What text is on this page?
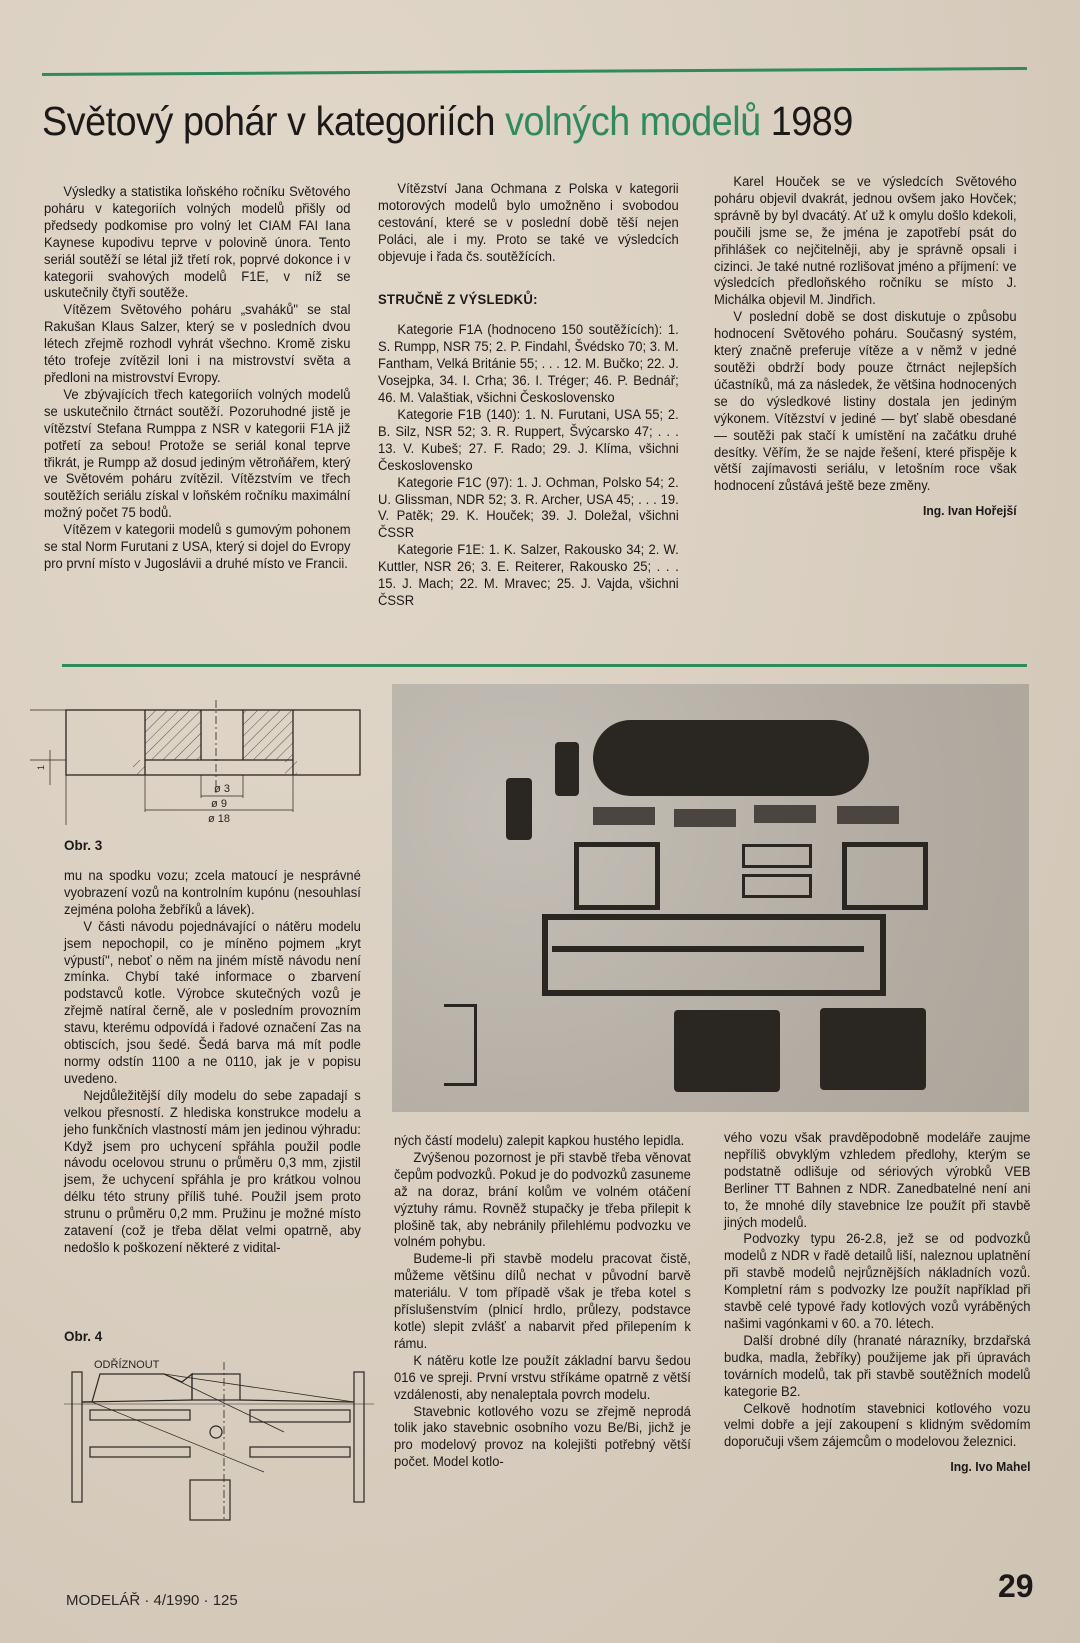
Světový pohár v kategoriích volných modelů 1989

Výsledky a statistika loňského ročníku Světového poháru v kategoriích volných modelů přišly od předsedy podkomise pro volný let CIAM FAI Iana Kaynese kupodivu teprve v polovině února. Tento seriál soutěží se létal již třetí rok, poprvé dokonce i v kategorii svahových modelů F1E, v níž se uskutečnily čtyři soutěže.

Vítězem Světového poháru „svaháků" se stal Rakušan Klaus Salzer, který se v posledních dvou létech zřejmě rozhodl vyhrát všechno. Kromě zisku této trofeje zvítězil loni i na mistrovství světa a předloni na mistrovství Evropy.

Ve zbývajících třech kategoriích volných modelů se uskutečnilo čtrnáct soutěží. Pozoruhodné jistě je vítězství Stefana Rumppa z NSR v kategorii F1A již potřetí za sebou! Protože se seriál konal teprve třikrát, je Rumpp až dosud jediným větroňářem, který ve Světovém poháru zvítězil. Vítězstvím ve třech soutěžích seriálu získal v loňském ročníku maximální možný počet 75 bodů.

Vítězem v kategorii modelů s gumovým pohonem se stal Norm Furutani z USA, který si dojel do Evropy pro první místo v Jugoslávii a druhé místo ve Francii.

Vítězství Jana Ochmana z Polska v kategorii motorových modelů bylo umožněno i svobodou cestování, které se v poslední době těší nejen Poláci, ale i my. Proto se také ve výsledcích objevuje i řada čs. soutěžících.

STRUČNĚ Z VÝSLEDKŮ:

Kategorie F1A (hodnoceno 150 soutěžících): 1. S. Rumpp, NSR 75; 2. P. Findahl, Švédsko 70; 3. M. Fantham, Velká Británie 55; . . . 12. M. Bučko; 22. J. Vosejpka, 34. I. Crha; 36. I. Tréger; 46. P. Bednář; 46. M. Valaštiak, všichni Československo

Kategorie F1B (140): 1. N. Furutani, USA 55; 2. B. Silz, NSR 52; 3. R. Ruppert, Švýcarsko 47; . . . 13. V. Kubeš; 27. F. Rado; 29. J. Klíma, všichni Československo

Kategorie F1C (97): 1. J. Ochman, Polsko 54; 2. U. Glissman, NDR 52; 3. R. Archer, USA 45; . . . 19. V. Patěk; 29. K. Houček; 39. J. Doležal, všichni ČSSR

Kategorie F1E: 1. K. Salzer, Rakousko 34; 2. W. Kuttler, NSR 26; 3. E. Reiterer, Rakousko 25; . . . 15. J. Mach; 22. M. Mravec; 25. J. Vajda, všichni ČSSR

Karel Houček se ve výsledcích Světového poháru objevil dvakrát, jednou ovšem jako Hovček; správně by byl dvacátý. Ať už k omylu došlo kdekoli, poučili jsme se, že jména je zapotřebí psát do přihlášek co nejčitelněji, aby je správně opsali i cizinci. Je také nutné rozlišovat jméno a příjmení: ve výsledcích předloňského ročníku se místo J. Michálka objevil M. Jindřich.

V poslední době se dost diskutuje o způsobu hodnocení Světového poháru. Současný systém, který značně preferuje vítěze a v němž v jedné soutěži obdrží body pouze čtrnáct nejlepších účastníků, má za následek, že většina hodnocených se do výsledkové listiny dostala jen jediným výkonem. Vítězství v jediné — byť slabě obesdané — soutěži pak stačí k umístění na začátku druhé desítky. Věřím, že se najde řešení, které přispěje k větší zajímavosti seriálu, v letošním roce však hodnocení zůstává ještě beze změny.

Ing. Ivan Hořejší
ø 3
ø 9
ø 18
1
Obr. 3

mu na spodku vozu; zcela matoucí je nesprávné vyobrazení vozů na kontrolním kupónu (nesouhlasí zejména poloha žebříků a lávek).

V části návodu pojednávající o nátěru modelu jsem nepochopil, co je míněno pojmem „kryt výpustí", neboť o něm na jiném místě návodu není zmínka. Chybí také informace o zbarvení podstavců kotle. Výrobce skutečných vozů je zřejmě natíral černě, ale v posledním provozním stavu, kterému odpovídá i řadové označení Zas na obtiscích, jsou šedé. Šedá barva má mít podle normy odstín 1100 a ne 0110, jak je v popisu uvedeno.

Nejdůležitější díly modelu do sebe zapadají s velkou přesností. Z hlediska konstrukce modelu a jeho funkčních vlastností mám jen jedinou výhradu: Když jsem pro uchycení spřáhla použil podle návodu ocelovou strunu o průměru 0,3 mm, zjistil jsem, že uchycení spřáhla je pro krátkou volnou délku této struny příliš tuhé. Použil jsem proto strunu o průměru 0,2 mm. Pružinu je možné místo zatavení (což je třeba dělat velmi opatrně, aby nedošlo k poškození některé z vidital-

Obr. 4
ODŘÍZNOUT

ných částí modelu) zalepit kapkou hustého lepidla.

Zvýšenou pozornost je při stavbě třeba věnovat čepům podvozků. Pokud je do podvozků zasuneme až na doraz, brání kolům ve volném otáčení výztuhy rámu. Rovněž stupačky je třeba přilepit k plošině tak, aby nebránily přilehlému podvozku ve volném pohybu.

Budeme-li při stavbě modelu pracovat čistě, můžeme většinu dílů nechat v původní barvě materiálu. V tom případě však je třeba kotel s příslušenstvím (plnicí hrdlo, průlezy, podstavce kotle) slepit zvlášť a nabarvit před přilepením k rámu.

K nátěru kotle lze použít základní barvu šedou 016 ve spreji. První vrstvu stříkáme opatrně z větší vzdálenosti, aby nenaleptala povrch modelu.

Stavebnic kotlového vozu se zřejmě neprodá tolik jako stavebnic osobního vozu Be/Bi, jichž je pro modelový provoz na kolejišti potřebný větší počet. Model kotlo-

vého vozu však pravděpodobně modeláře zaujme nepříliš obvyklým vzhledem předlohy, kterým se podstatně odlišuje od sériových výrobků VEB Berliner TT Bahnen z NDR. Zanedbatelné není ani to, že mnohé díly stavebnice lze použít při stavbě jiných modelů.

Podvozky typu 26-2.8, jež se od podvozků modelů z NDR v řadě detailů liší, naleznou uplatnění při stavbě modelů nejrůznějších nákladních vozů. Kompletní rám s podvozky lze použít například při stavbě celé typové řady kotlových vozů vyráběných našimi vagónkami v 60. a 70. létech.

Další drobné díly (hranaté nárazníky, brzdařská budka, madla, žebříky) použijeme jak při úpravách továrních modelů, tak při stavbě soutěžních modelů kategorie B2.

Celkově hodnotím stavebnici kotlového vozu velmi dobře a její zakoupení s klidným svědomím doporučuji všem zájemcům o modelovou železnici.

Ing. Ivo Mahel
MODELÁŘ · 4/1990 · 125	29
